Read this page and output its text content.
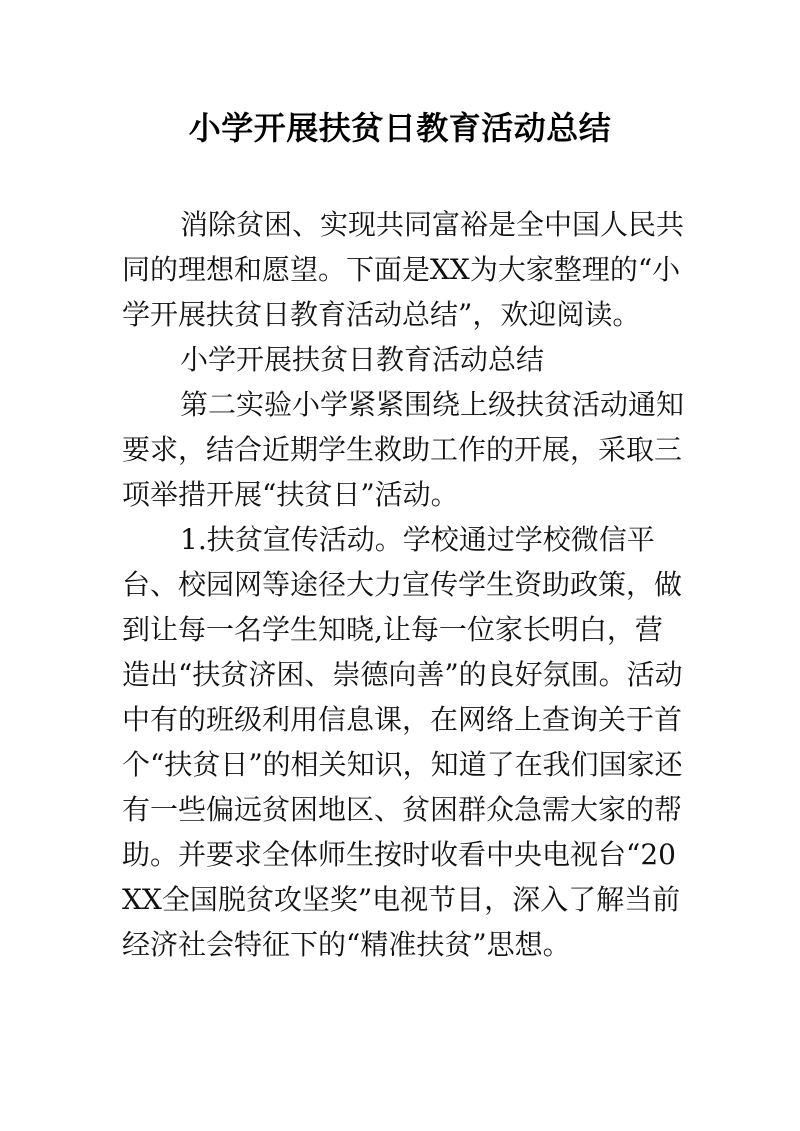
小学开展扶贫日教育活动总结

消除贫困、实现共同富裕是全中国人民共同的理想和愿望。下面是XX为大家整理的“小学开展扶贫日教育活动总结”，欢迎阅读。

小学开展扶贫日教育活动总结

第二实验小学紧紧围绕上级扶贫活动通知要求，结合近期学生救助工作的开展，采取三项举措开展“扶贫日”活动。

1.扶贫宣传活动。学校通过学校微信平台、校园网等途径大力宣传学生资助政策，做到让每一名学生知晓,让每一位家长明白，营造出“扶贫济困、崇德向善”的良好氛围。活动中有的班级利用信息课，在网络上查询关于首个“扶贫日”的相关知识，知道了在我们国家还有一些偏远贫困地区、贫困群众急需大家的帮助。并要求全体师生按时收看中央电视台“20XX全国脱贫攻坚奖”电视节目，深入了解当前经济社会特征下的“精准扶贫”思想。
